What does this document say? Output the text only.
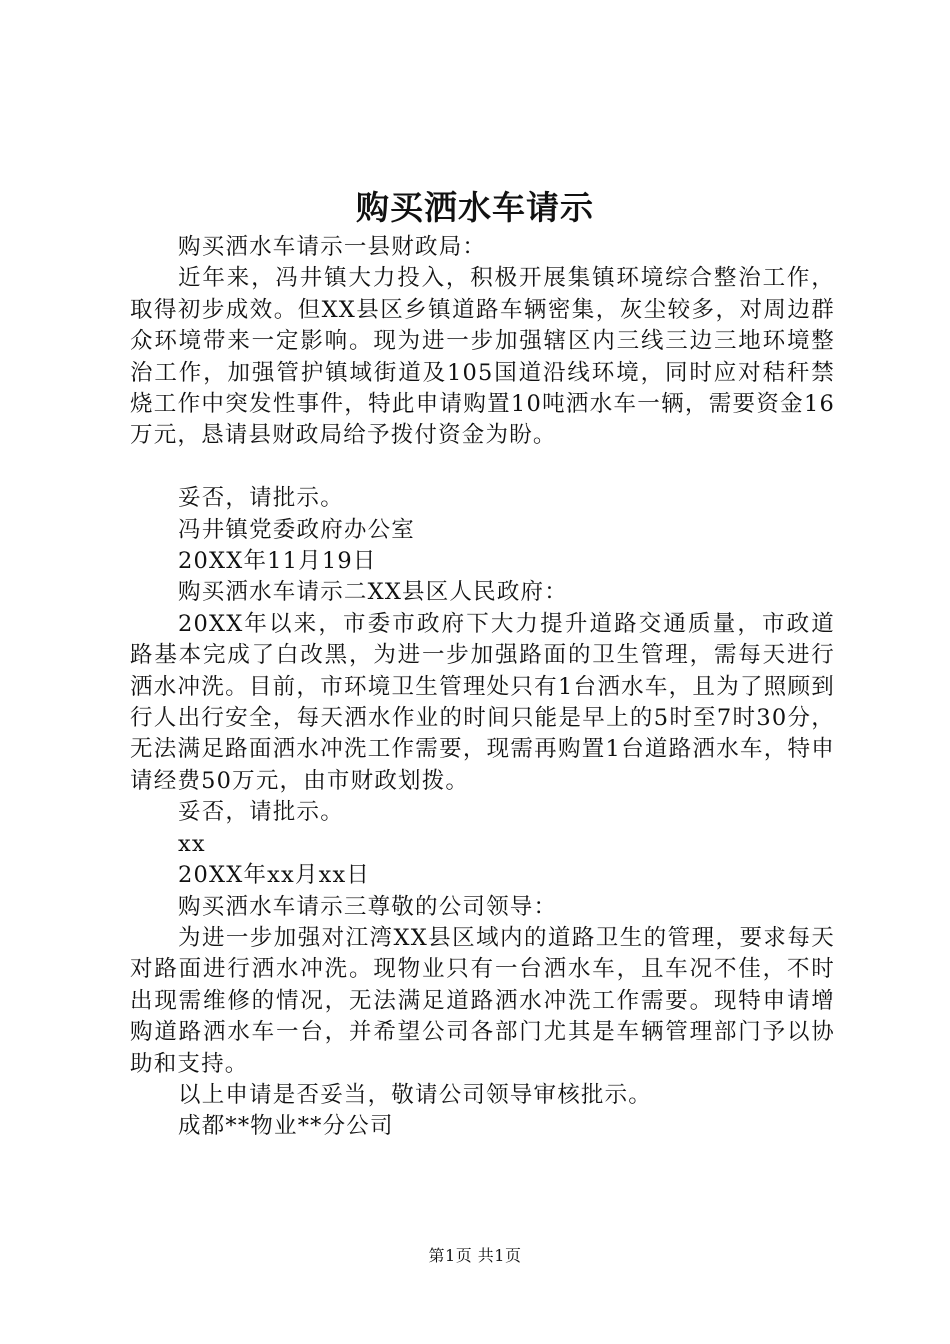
购买洒水车请示

购买洒水车请示一县财政局：

近年来，冯井镇大力投入，积极开展集镇环境综合整治工作，取得初步成效。但XX县区乡镇道路车辆密集，灰尘较多，对周边群众环境带来一定影响。现为进一步加强辖区内三线三边三地环境整治工作，加强管护镇域街道及105国道沿线环境，同时应对秸秆禁烧工作中突发性事件，特此申请购置10吨洒水车一辆，需要资金16万元，恳请县财政局给予拨付资金为盼。

妥否，请批示。

冯井镇党委政府办公室

20XX年11月19日

购买洒水车请示二XX县区人民政府：

20XX年以来，市委市政府下大力提升道路交通质量，市政道路基本完成了白改黑，为进一步加强路面的卫生管理，需每天进行洒水冲洗。目前，市环境卫生管理处只有1台洒水车，且为了照顾到行人出行安全，每天洒水作业的时间只能是早上的5时至7时30分，无法满足路面洒水冲洗工作需要，现需再购置1台道路洒水车，特申请经费50万元，由市财政划拨。

妥否，请批示。

xx

20XX年xx月xx日

购买洒水车请示三尊敬的公司领导：

为进一步加强对江湾XX县区域内的道路卫生的管理，要求每天对路面进行洒水冲洗。现物业只有一台洒水车，且车况不佳，不时出现需维修的情况，无法满足道路洒水冲洗工作需要。现特申请增购道路洒水车一台，并希望公司各部门尤其是车辆管理部门予以协助和支持。

以上申请是否妥当，敬请公司领导审核批示。

成都**物业**分公司

第1页 共1页
